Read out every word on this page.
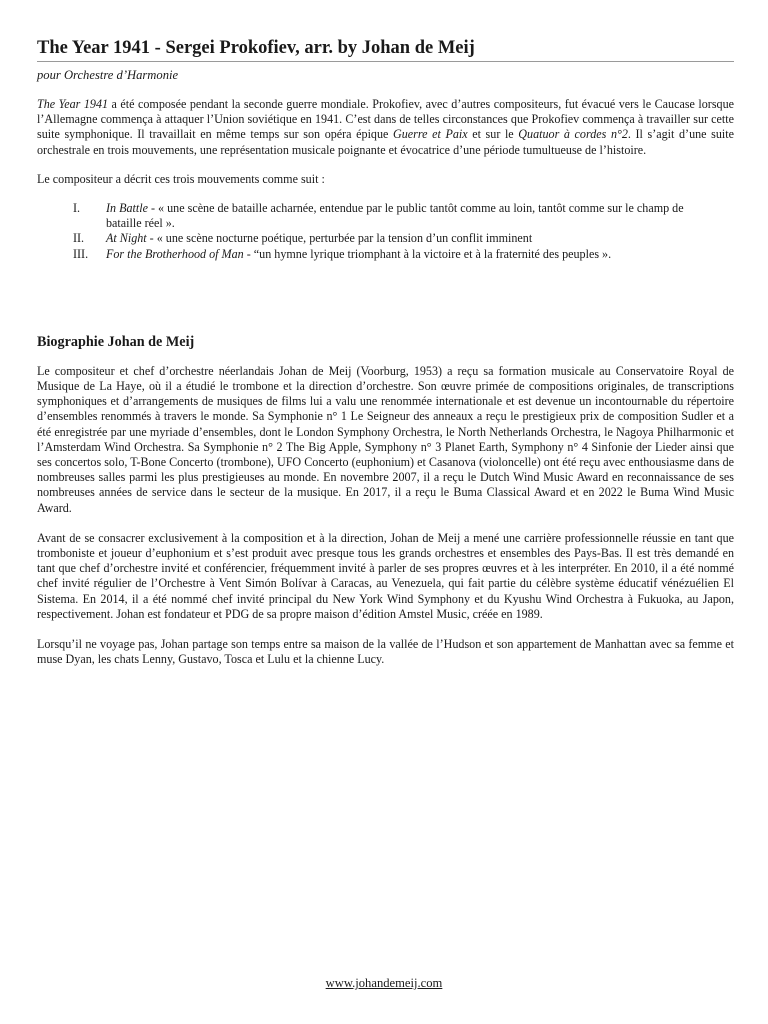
The Year 1941 - Sergei Prokofiev, arr. by Johan de Meij

pour Orchestre d’Harmonie

The Year 1941 a été composée pendant la seconde guerre mondiale. Prokofiev, avec d’autres compositeurs, fut évacué vers le Caucase lorsque l’Allemagne commença à attaquer l’Union soviétique en 1941. C’est dans de telles circonstances que Prokofiev commença à travailler sur cette suite symphonique. Il travaillait en même temps sur son opéra épique Guerre et Paix et sur le Quatuor à cordes n°2. Il s’agit d’une suite orchestrale en trois mouvements, une représentation musicale poignante et évocatrice d’une période tumultueuse de l’histoire.

Le compositeur a décrit ces trois mouvements comme suit :

I.	In Battle - « une scène de bataille acharnée, entendue par le public tantôt comme au loin, tantôt comme sur le champ de bataille réel ».
II.	At Night - « une scène nocturne poétique, perturbée par la tension d’un conflit imminent
III.	For the Brotherhood of Man - “un hymne lyrique triomphant à la victoire et à la fraternité des peuples ».
Biographie Johan de Meij

Le compositeur et chef d’orchestre néerlandais Johan de Meij (Voorburg, 1953) a reçu sa formation musicale au Conservatoire Royal de Musique de La Haye, où il a étudié le trombone et la direction d’orchestre. Son œuvre primée de compositions originales, de transcriptions symphoniques et d’arrangements de musiques de films lui a valu une renommée internationale et est devenue un incontournable du répertoire d’ensembles renommés à travers le monde. Sa Symphonie n° 1 Le Seigneur des anneaux a reçu le prestigieux prix de composition Sudler et a été enregistrée par une myriade d’ensembles, dont le London Symphony Orchestra, le North Netherlands Orchestra, le Nagoya Philharmonic et l’Amsterdam Wind Orchestra. Sa Symphonie n° 2 The Big Apple, Symphony n° 3 Planet Earth, Symphony n° 4 Sinfonie der Lieder ainsi que ses concertos solo, T-Bone Concerto (trombone), UFO Concerto (euphonium) et Casanova (violoncelle) ont été reçu avec enthousiasme dans de nombreuses salles parmi les plus prestigieuses au monde. En novembre 2007, il a reçu le Dutch Wind Music Award en reconnaissance de ses nombreuses années de service dans le secteur de la musique. En 2017, il a reçu le Buma Classical Award et en 2022 le Buma Wind Music Award.

Avant de se consacrer exclusivement à la composition et à la direction, Johan de Meij a mené une carrière professionnelle réussie en tant que tromboniste et joueur d’euphonium et s’est produit avec presque tous les grands orchestres et ensembles des Pays-Bas. Il est très demandé en tant que chef d’orchestre invité et conférencier, fréquemment invité à parler de ses propres œuvres et à les interpréter. En 2010, il a été nommé chef invité régulier de l’Orchestre à Vent Simón Bolívar à Caracas, au Venezuela, qui fait partie du célèbre système éducatif vénézuélien El Sistema. En 2014, il a été nommé chef invité principal du New York Wind Symphony et du Kyushu Wind Orchestra à Fukuoka, au Japon, respectivement. Johan est fondateur et PDG de sa propre maison d’édition Amstel Music, créée en 1989.

Lorsqu’il ne voyage pas, Johan partage son temps entre sa maison de la vallée de l’Hudson et son appartement de Manhattan avec sa femme et muse Dyan, les chats Lenny, Gustavo, Tosca et Lulu et la chienne Lucy.

www.johandemeij.com
